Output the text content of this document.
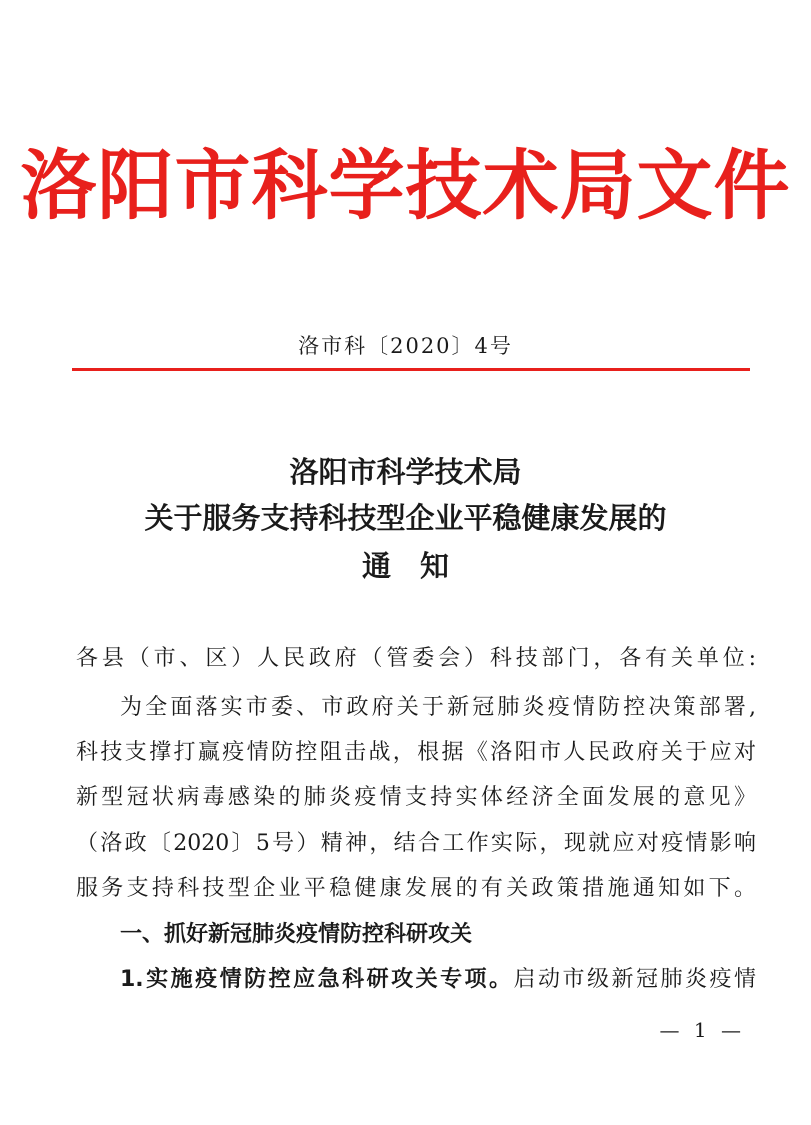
洛阳市科学技术局文件
洛市科〔2020〕4号
洛阳市科学技术局
关于服务支持科技型企业平稳健康发展的
通　知
各县（市、区）人民政府（管委会）科技部门，各有关单位:
为全面落实市委、市政府关于新冠肺炎疫情防控决策部署,
科技支撑打赢疫情防控阻击战，根据《洛阳市人民政府关于应对
新型冠状病毒感染的肺炎疫情支持实体经济全面发展的意见》
（洛政〔2020〕5号）精神，结合工作实际，现就应对疫情影响
服务支持科技型企业平稳健康发展的有关政策措施通知如下。
一、抓好新冠肺炎疫情防控科研攻关
1.实施疫情防控应急科研攻关专项。启动市级新冠肺炎疫情
— 1 —
